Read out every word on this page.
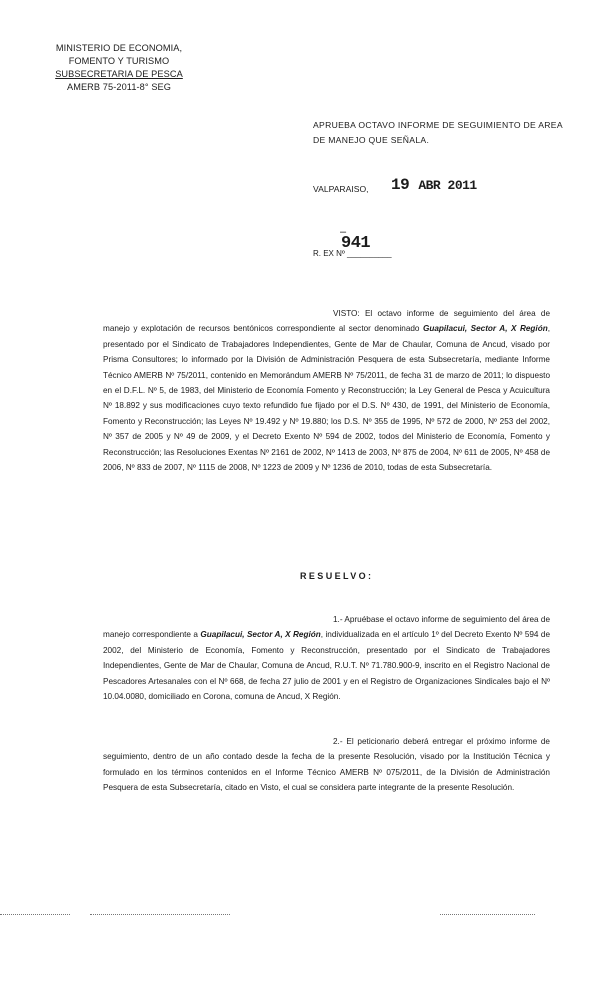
MINISTERIO DE ECONOMIA,
FOMENTO Y TURISMO
SUBSECRETARIA DE PESCA
AMERB 75-2011-8° SEG
APRUEBA OCTAVO INFORME DE SEGUIMIENTO DE AREA DE MANEJO QUE SEÑALA.
VALPARAISO, 19 ABR 2011
–
941
R. EX Nº __________
VISTO: El octavo informe de seguimiento del área de manejo y explotación de recursos bentónicos correspondiente al sector denominado Guapilacui, Sector A, X Región, presentado por el Sindicato de Trabajadores Independientes, Gente de Mar de Chaular, Comuna de Ancud, visado por Prisma Consultores; lo informado por la División de Administración Pesquera de esta Subsecretaría, mediante Informe Técnico AMERB Nº 75/2011, contenido en Memorándum AMERB Nº 75/2011, de fecha 31 de marzo de 2011; lo dispuesto en el D.F.L. Nº 5, de 1983, del Ministerio de Economía Fomento y Reconstrucción; la Ley General de Pesca y Acuicultura Nº 18.892 y sus modificaciones cuyo texto refundido fue fijado por el D.S. Nº 430, de 1991, del Ministerio de Economía, Fomento y Reconstrucción; las Leyes Nº 19.492 y Nº 19.880; los D.S. Nº 355 de 1995, Nº 572 de 2000, Nº 253 del 2002, Nº 357 de 2005 y Nº 49 de 2009, y el Decreto Exento Nº 594 de 2002, todos del Ministerio de Economía, Fomento y Reconstrucción; las Resoluciones Exentas Nº 2161 de 2002, Nº 1413 de 2003, Nº 875 de 2004, Nº 611 de 2005, Nº 458 de 2006, Nº 833 de 2007, Nº 1115 de 2008, Nº 1223 de 2009 y Nº 1236 de 2010, todas de esta Subsecretaría.
RESUELVO:
1.- Apruébase el octavo informe de seguimiento del área de manejo correspondiente a Guapilacui, Sector A, X Región, individualizada en el artículo 1º del Decreto Exento Nº 594 de 2002, del Ministerio de Economía, Fomento y Reconstrucción, presentado por el Sindicato de Trabajadores Independientes, Gente de Mar de Chaular, Comuna de Ancud, R.U.T. Nº 71.780.900-9, inscrito en el Registro Nacional de Pescadores Artesanales con el Nº 668, de fecha 27 julio de 2001 y en el Registro de Organizaciones Sindicales bajo el Nº 10.04.0080, domiciliado en Corona, comuna de Ancud, X Región.
2.- El peticionario deberá entregar el próximo informe de seguimiento, dentro de un año contado desde la fecha de la presente Resolución, visado por la Institución Técnica y formulado en los términos contenidos en el Informe Técnico AMERB Nº 075/2011, de la División de Administración Pesquera de esta Subsecretaría, citado en Visto, el cual se considera parte integrante de la presente Resolución.
